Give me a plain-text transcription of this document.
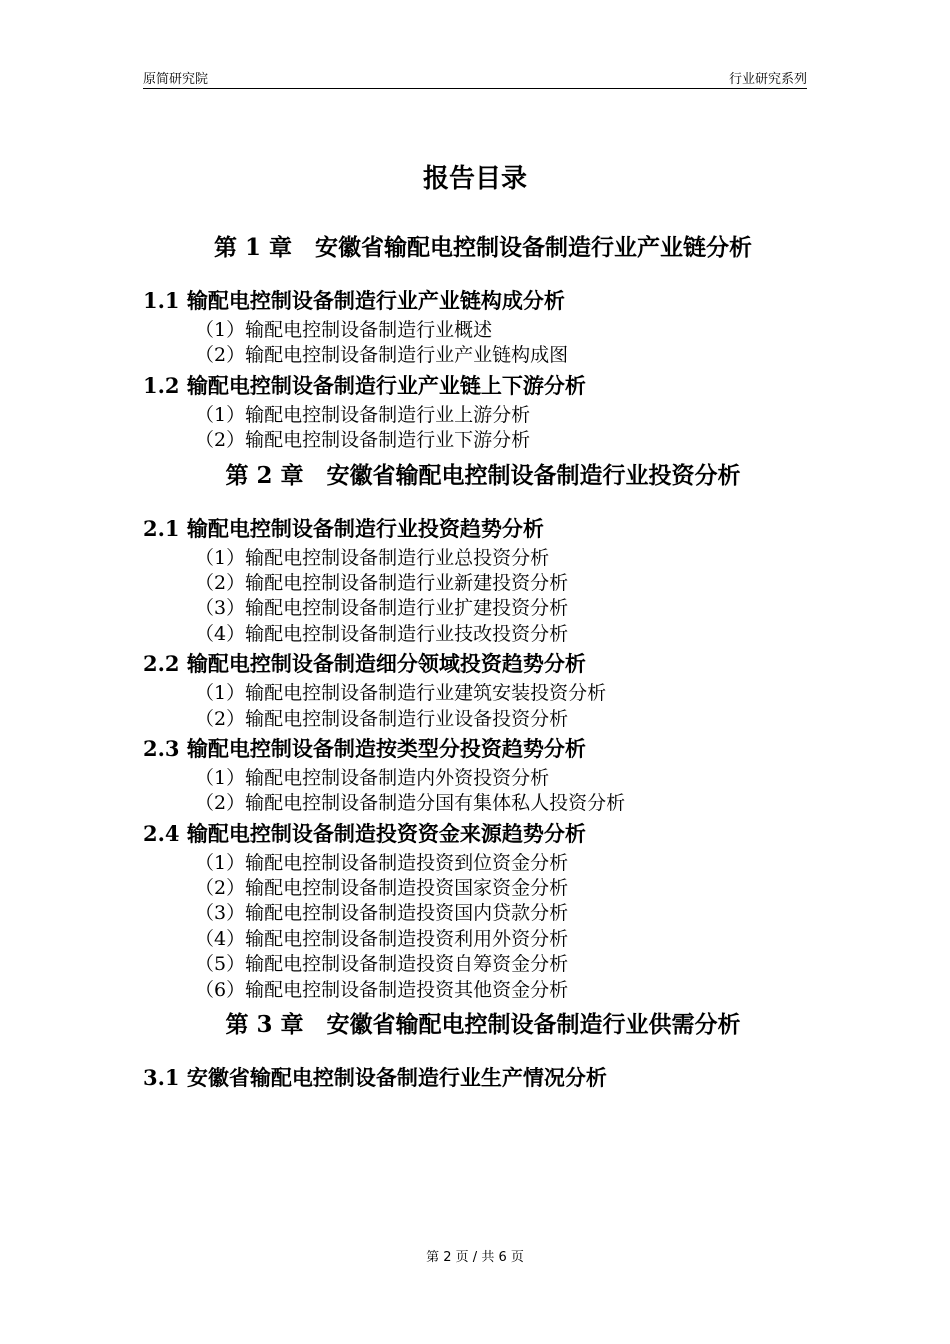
原简研究院	行业研究系列
报告目录
第 1 章　安徽省输配电控制设备制造行业产业链分析
1.1 输配电控制设备制造行业产业链构成分析
（1）输配电控制设备制造行业概述
（2）输配电控制设备制造行业产业链构成图
1.2 输配电控制设备制造行业产业链上下游分析
（1）输配电控制设备制造行业上游分析
（2）输配电控制设备制造行业下游分析
第 2 章　安徽省输配电控制设备制造行业投资分析
2.1 输配电控制设备制造行业投资趋势分析
（1）输配电控制设备制造行业总投资分析
（2）输配电控制设备制造行业新建投资分析
（3）输配电控制设备制造行业扩建投资分析
（4）输配电控制设备制造行业技改投资分析
2.2 输配电控制设备制造细分领域投资趋势分析
（1）输配电控制设备制造行业建筑安装投资分析
（2）输配电控制设备制造行业设备投资分析
2.3 输配电控制设备制造按类型分投资趋势分析
（1）输配电控制设备制造内外资投资分析
（2）输配电控制设备制造分国有集体私人投资分析
2.4 输配电控制设备制造投资资金来源趋势分析
（1）输配电控制设备制造投资到位资金分析
（2）输配电控制设备制造投资国家资金分析
（3）输配电控制设备制造投资国内贷款分析
（4）输配电控制设备制造投资利用外资分析
（5）输配电控制设备制造投资自筹资金分析
（6）输配电控制设备制造投资其他资金分析
第 3 章　安徽省输配电控制设备制造行业供需分析
3.1 安徽省输配电控制设备制造行业生产情况分析
第 2 页 / 共 6 页
